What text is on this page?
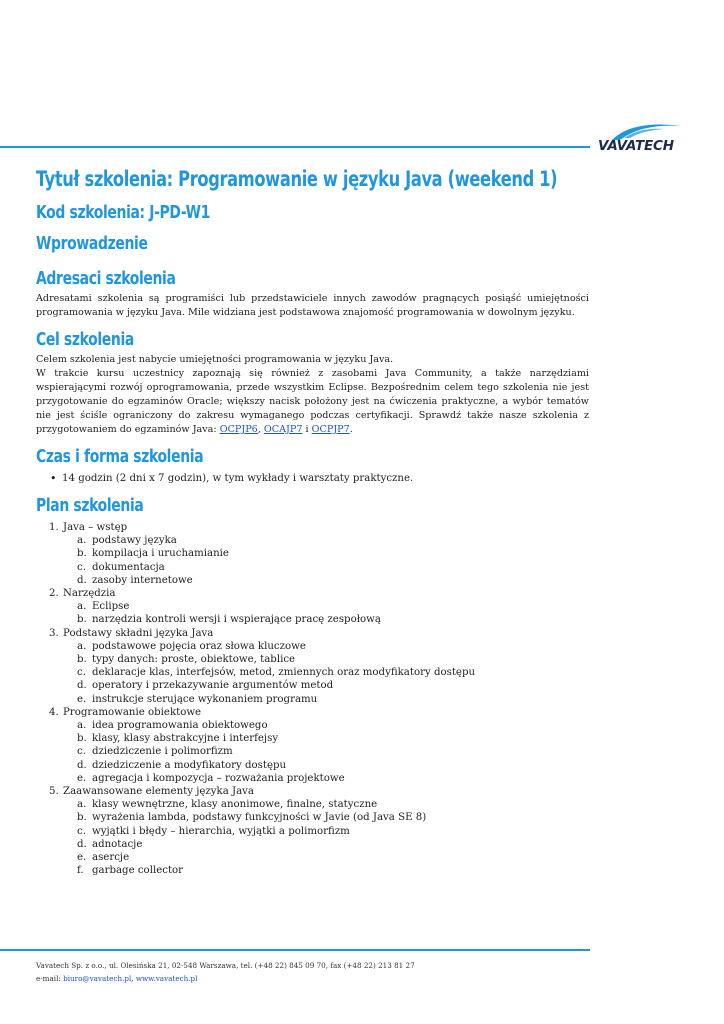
VAVATECH
Tytuł szkolenia: Programowanie w języku Java (weekend 1)
Kod szkolenia: J-PD-W1
Wprowadzenie
Adresaci szkolenia

Adresatami szkolenia są programiści lub przedstawiciele innych zawodów pragnących posiąść umiejętności programowania w języku Java. Mile widziana jest podstawowa znajomość programowania w dowolnym języku.

Cel szkolenia

Celem szkolenia jest nabycie umiejętności programowania w języku Java.

W trakcie kursu uczestnicy zapoznają się również z zasobami Java Community, a także narzędziami wspierającymi rozwój oprogramowania, przede wszystkim Eclipse. Bezpośrednim celem tego szkolenia nie jest przygotowanie do egzaminów Oracle; większy nacisk położony jest na ćwiczenia praktyczne, a wybór tematów nie jest ściśle ograniczony do zakresu wymaganego podczas certyfikacji. Sprawdź także nasze szkolenia z przygotowaniem do egzaminów Java: OCPJP6, OCAJP7 i OCPJP7.

Czas i forma szkolenia
• 14 godzin (2 dni x 7 godzin), w tym wykłady i warsztaty praktyczne.
Plan szkolenia
1. Java – wstęp
a. podstawy języka
b. kompilacja i uruchamianie
c. dokumentacja
d. zasoby internetowe
2. Narzędzia
a. Eclipse
b. narzędzia kontroli wersji i wspierające pracę zespołową
3. Podstawy składni języka Java
a. podstawowe pojęcia oraz słowa kluczowe
b. typy danych: proste, obiektowe, tablice
c. deklaracje klas, interfejsów, metod, zmiennych oraz modyfikatory dostępu
d. operatory i przekazywanie argumentów metod
e. instrukcje sterujące wykonaniem programu
4. Programowanie obiektowe
a. idea programowania obiektowego
b. klasy, klasy abstrakcyjne i interfejsy
c. dziedziczenie i polimorfizm
d. dziedziczenie a modyfikatory dostępu
e. agregacja i kompozycja – rozważania projektowe
5. Zaawansowane elementy języka Java
a. klasy wewnętrzne, klasy anonimowe, finalne, statyczne
b. wyrażenia lambda, podstawy funkcyjności w Javie (od Java SE 8)
c. wyjątki i błędy – hierarchia, wyjątki a polimorfizm
d. adnotacje
e. asercje
f. garbage collector
Vavatech Sp. z o.o., ul. Olesińska 21, 02-548 Warszawa, tel. (+48 22) 845 09 70, fax (+48 22) 213 81 27
e-mail: biuro@vavatech.pl, www.vavatech.pl
